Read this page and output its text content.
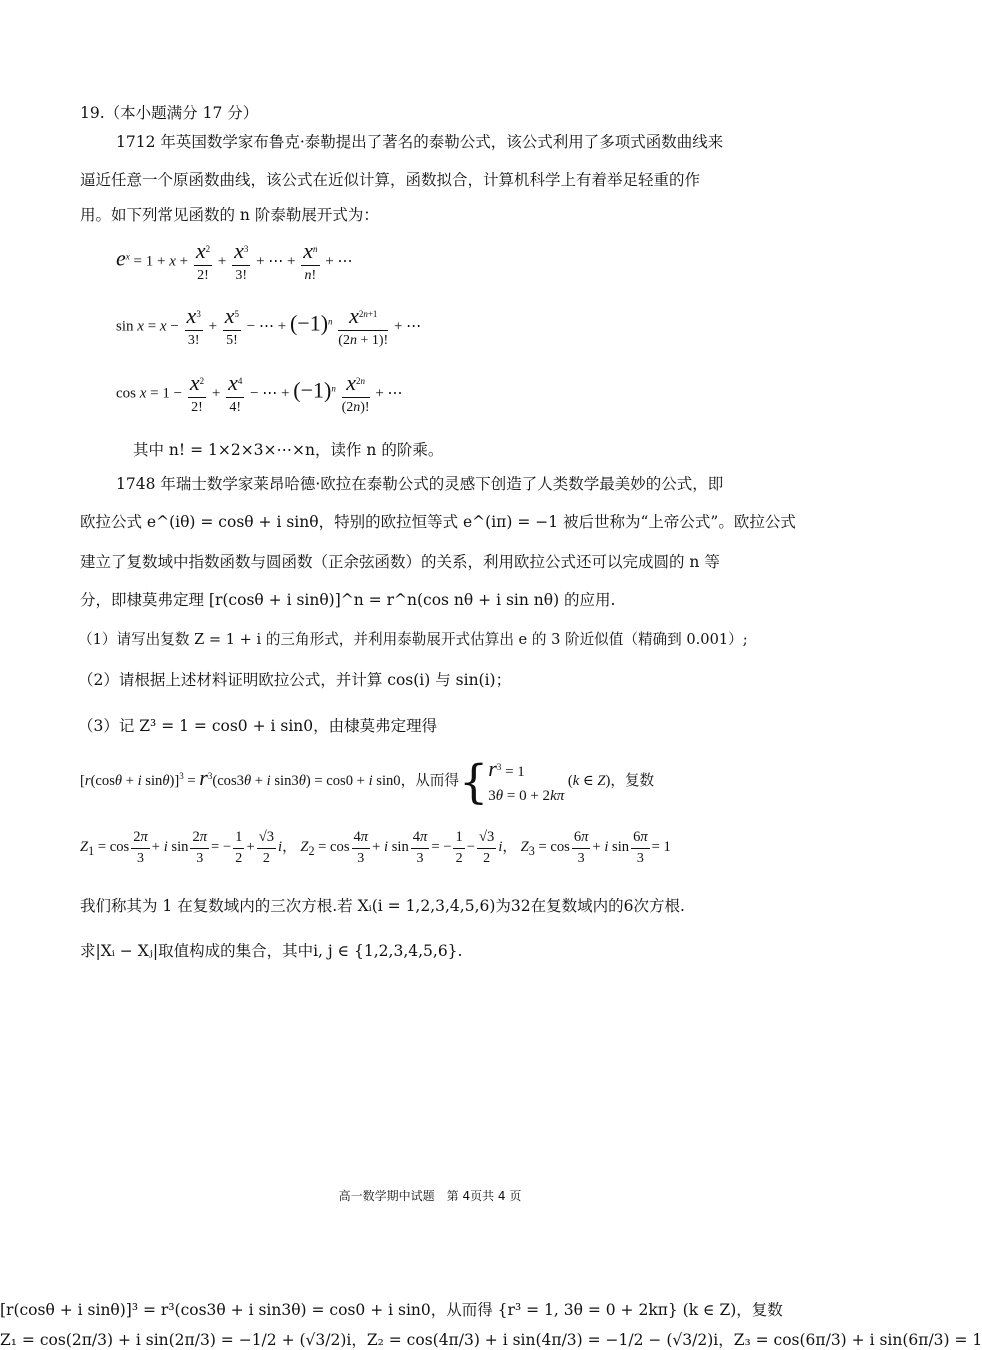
19.（本小题满分 17 分）
1712 年英国数学家布鲁克·泰勒提出了著名的泰勒公式，该公式利用了多项式函数曲线来
逼近任意一个原函数曲线，该公式在近似计算，函数拟合，计算机科学上有着举足轻重的作
用。如下列常见函数的 n 阶泰勒展开式为：
$e^x = 1 + x + \frac{x^2}{2!} + \frac{x^3}{3!}$ + ⋯ + $\frac{x^n}{n!}$ + ⋯
$\sin x = x - \frac{x^3}{3!} + \frac{x^5}{5!}$ − ⋯ + $(-1)^n \frac{x^{2n+1}}{(2n + 1)!}$ + ⋯
$\cos x = 1 - \frac{x^2}{2!} + \frac{x^4}{4!}$ − ⋯ + $(-1)^n \frac{x^{2n}}{(2n)!}$ + ⋯
其中 n! = 1×2×3×⋯×n，读作 n 的阶乘。
1748 年瑞士数学家莱昂哈德·欧拉在泰勒公式的灵感下创造了人类数学最美妙的公式，即
欧拉公式 e^(iθ) = cosθ + i sinθ，特别的欧拉恒等式 e^(iπ) = −1 被后世称为“上帝公式”。欧拉公式
建立了复数域中指数函数与圆函数（正余弦函数）的关系，利用欧拉公式还可以完成圆的 n 等
分，即棣莫弗定理 [r(cosθ + i sinθ)]^n = r^n(cos nθ + i sin nθ) 的应用.
（1）请写出复数 Z = 1 + i 的三角形式，并利用泰勒展开式估算出 e 的 3 阶近似值（精确到 0.001）;
（2）请根据上述材料证明欧拉公式，并计算 cos(i) 与 sin(i)；
（3）记 Z³ = 1 = cos0 + i sin0，由棣莫弗定理得
[r(cosθ + i $\sin\theta)]^3 = r^3(\cos 3\theta + i$ sin3θ) = cos0 + i sin0，从而得{$r^3 = 1$
3θ = 0 + 2kπ (k ∈ Z)，复数
[r(cosθ + i sinθ)]³ = r³(cos3θ + i sin3θ) = cos0 + i sin0，从而得 {r³ = 1, 3θ = 0 + 2kπ} (k ∈ Z)，复数
$Z_1 = \cos \frac{2\pi}{3} + i$ $\sin \frac{2\pi}{3}$ = − $\frac{1}{2} + \frac{√3}{2}$ i， $Z_2 = \cos \frac{4\pi}{3} + i$ $\sin \frac{4\pi}{3}$ = − $\frac{1}{2} - \frac{√3}{2}$ i， $Z_3 = \cos \frac{6\pi}{3} + i$ $\sin \frac{6\pi}{3} = 1$
Z₁ = cos(2π/3) + i sin(2π/3) = −1/2 + (√3/2)i，Z₂ = cos(4π/3) + i sin(4π/3) = −1/2 − (√3/2)i，Z₃ = cos(6π/3) + i sin(6π/3) = 1
我们称其为 1 在复数域内的三次方根.若 Xᵢ(i = 1,2,3,4,5,6)为32在复数域内的6次方根.
求|Xᵢ − Xⱼ|取值构成的集合，其中i, j ∈ {1,2,3,4,5,6}.
高一数学期中试题　第 4页共 4 页
